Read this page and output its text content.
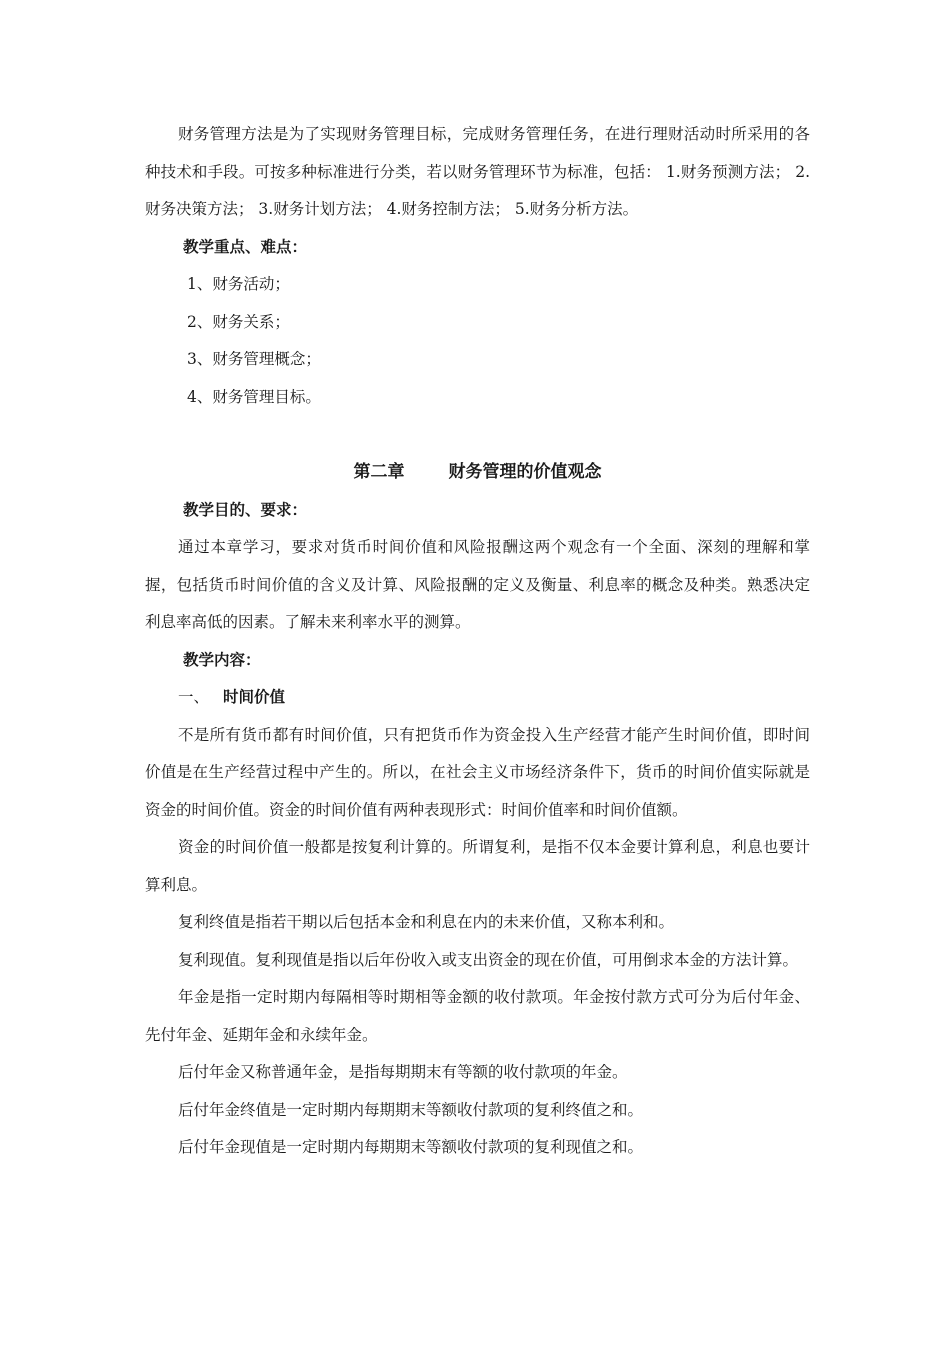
财务管理方法是为了实现财务管理目标，完成财务管理任务，在进行理财活动时所采用的各种技术和手段。可按多种标准进行分类，若以财务管理环节为标准，包括： 1.财务预测方法； 2.财务决策方法； 3.财务计划方法； 4.财务控制方法； 5.财务分析方法。

教学重点、难点：

1、财务活动；

2、财务关系；

3、财务管理概念；

4、财务管理目标。

第二章	财务管理的价值观念

教学目的、要求：

通过本章学习，要求对货币时间价值和风险报酬这两个观念有一个全面、深刻的理解和掌握，包括货币时间价值的含义及计算、风险报酬的定义及衡量、利息率的概念及种类。熟悉决定利息率高低的因素。了解未来利率水平的测算。

教学内容：

一、 时间价值

不是所有货币都有时间价值，只有把货币作为资金投入生产经营才能产生时间价值，即时间价值是在生产经营过程中产生的。所以，在社会主义市场经济条件下，货币的时间价值实际就是资金的时间价值。资金的时间价值有两种表现形式：时间价值率和时间价值额。

资金的时间价值一般都是按复利计算的。所谓复利，是指不仅本金要计算利息，利息也要计算利息。

复利终值是指若干期以后包括本金和利息在内的未来价值，又称本利和。

复利现值。复利现值是指以后年份收入或支出资金的现在价值，可用倒求本金的方法计算。

年金是指一定时期内每隔相等时期相等金额的收付款项。年金按付款方式可分为后付年金、先付年金、延期年金和永续年金。

后付年金又称普通年金，是指每期期末有等额的收付款项的年金。

后付年金终值是一定时期内每期期末等额收付款项的复利终值之和。

后付年金现值是一定时期内每期期末等额收付款项的复利现值之和。
